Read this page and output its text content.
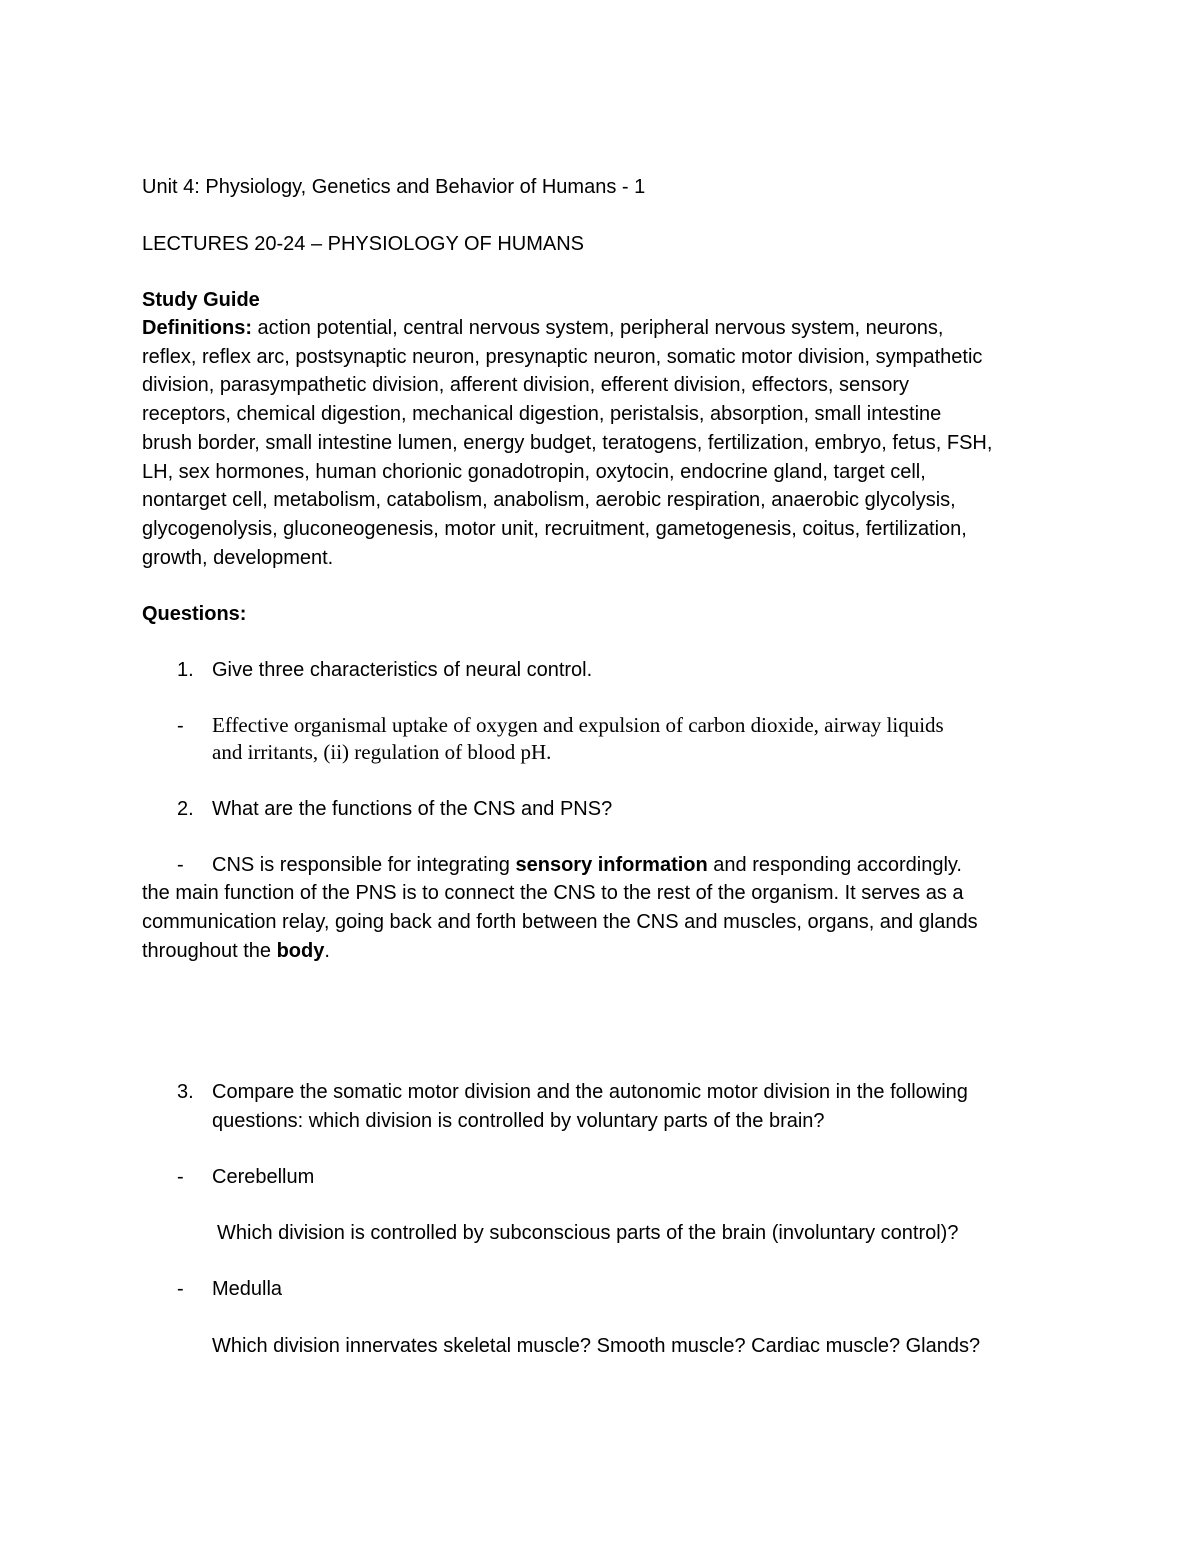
Unit 4: Physiology, Genetics and Behavior of Humans - 1
LECTURES 20-24 – PHYSIOLOGY OF HUMANS
Study Guide
Definitions: action potential, central nervous system, peripheral nervous system, neurons,
reflex, reflex arc, postsynaptic neuron, presynaptic neuron, somatic motor division, sympathetic
division, parasympathetic division, afferent division, efferent division, effectors, sensory
receptors, chemical digestion, mechanical digestion, peristalsis, absorption, small intestine
brush border, small intestine lumen, energy budget, teratogens, fertilization, embryo, fetus, FSH,
LH, sex hormones, human chorionic gonadotropin, oxytocin, endocrine gland, target cell,
nontarget cell, metabolism, catabolism, anabolism, aerobic respiration, anaerobic glycolysis,
glycogenolysis, gluconeogenesis, motor unit, recruitment, gametogenesis, coitus, fertilization,
growth, development.
Questions:
1. Give three characteristics of neural control.
- Effective organismal uptake of oxygen and expulsion of carbon dioxide, airway liquids
and irritants, (ii) regulation of blood pH.
2. What are the functions of the CNS and PNS?
- CNS is responsible for integrating sensory information and responding accordingly.
the main function of the PNS is to connect the CNS to the rest of the organism. It serves as a
communication relay, going back and forth between the CNS and muscles, organs, and glands
throughout the body.
3. Compare the somatic motor division and the autonomic motor division in the following
questions: which division is controlled by voluntary parts of the brain?
- Cerebellum
Which division is controlled by subconscious parts of the brain (involuntary control)?
- Medulla
Which division innervates skeletal muscle? Smooth muscle? Cardiac muscle? Glands?
